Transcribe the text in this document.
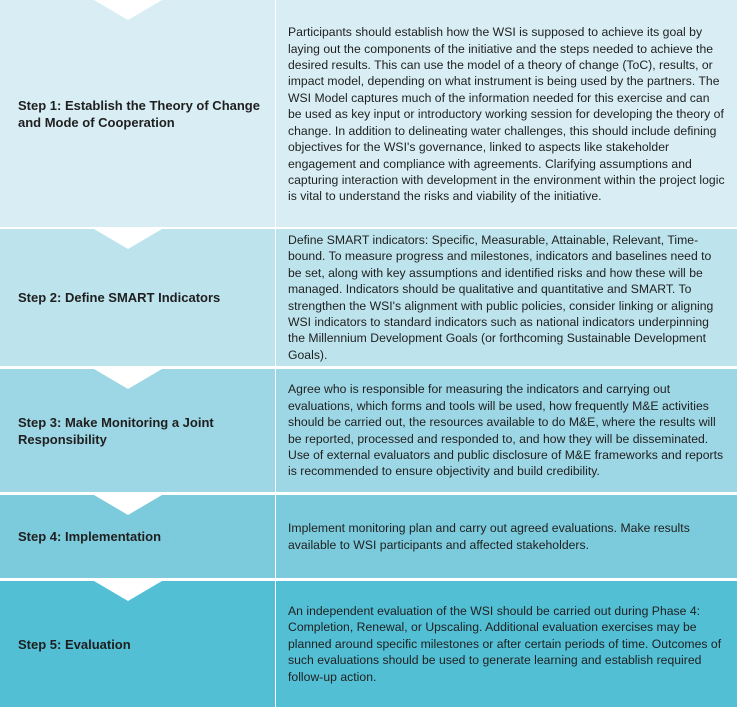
Step 1: Establish the Theory of Change and Mode of Cooperation
Participants should establish how the WSI is supposed to achieve its goal by laying out the components of the initiative and the steps needed to achieve the desired results. This can use the model of a theory of change (ToC), results, or impact model, depending on what instrument is being used by the partners. The WSI Model captures much of the information needed for this exercise and can be used as key input or introductory working session for developing the theory of change. In addition to delineating water challenges, this should include defining objectives for the WSI's governance, linked to aspects like stakeholder engagement and compliance with agreements. Clarifying assumptions and capturing interaction with development in the environment within the project logic is vital to understand the risks and viability of the initiative.
Step 2: Define SMART Indicators
Define SMART indicators: Specific, Measurable, Attainable, Relevant, Time-bound. To measure progress and milestones, indicators and baselines need to be set, along with key assumptions and identified risks and how these will be managed. Indicators should be qualitative and quantitative and SMART. To strengthen the WSI's alignment with public policies, consider linking or aligning WSI indicators to standard indicators such as national indicators underpinning the Millennium Development Goals (or forthcoming Sustainable Development Goals).
Step 3: Make Monitoring a Joint Responsibility
Agree who is responsible for measuring the indicators and carrying out evaluations, which forms and tools will be used, how frequently M&E activities should be carried out, the resources available to do M&E, where the results will be reported, processed and responded to, and how they will be disseminated. Use of external evaluators and public disclosure of M&E frameworks and reports is recommended to ensure objectivity and build credibility.
Step 4: Implementation
Implement monitoring plan and carry out agreed evaluations. Make results available to WSI participants and affected stakeholders.
Step 5: Evaluation
An independent evaluation of the WSI should be carried out during Phase 4: Completion, Renewal, or Upscaling. Additional evaluation exercises may be planned around specific milestones or after certain periods of time. Outcomes of such evaluations should be used to generate learning and establish required follow-up action.
